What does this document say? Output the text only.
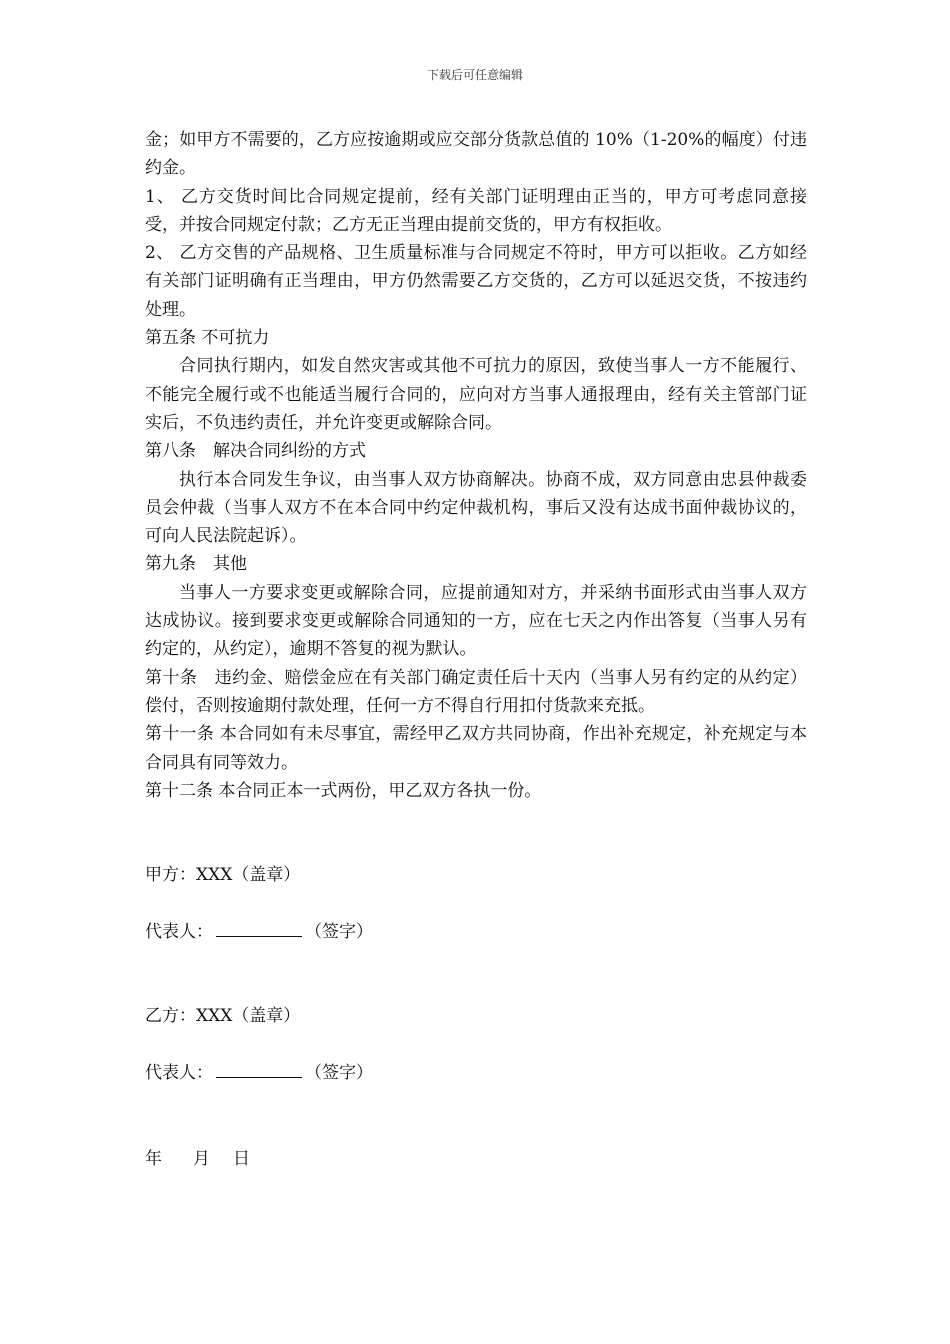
下载后可任意编辑

金；如甲方不需要的，乙方应按逾期或应交部分货款总值的 10%（1-20%的幅度）付违约金。

1、 乙方交货时间比合同规定提前，经有关部门证明理由正当的，甲方可考虑同意接受，并按合同规定付款；乙方无正当理由提前交货的，甲方有权拒收。

2、 乙方交售的产品规格、卫生质量标准与合同规定不符时，甲方可以拒收。乙方如经有关部门证明确有正当理由，甲方仍然需要乙方交货的，乙方可以延迟交货，不按违约处理。

第五条 不可抗力

合同执行期内，如发自然灾害或其他不可抗力的原因，致使当事人一方不能履行、不能完全履行或不也能适当履行合同的，应向对方当事人通报理由，经有关主管部门证实后，不负违约责任，并允许变更或解除合同。

第八条　解决合同纠纷的方式

执行本合同发生争议，由当事人双方协商解决。协商不成，双方同意由忠县仲裁委员会仲裁（当事人双方不在本合同中约定仲裁机构，事后又没有达成书面仲裁协议的，可向人民法院起诉）。

第九条　其他

当事人一方要求变更或解除合同，应提前通知对方，并采纳书面形式由当事人双方达成协议。接到要求变更或解除合同通知的一方，应在七天之内作出答复（当事人另有约定的，从约定），逾期不答复的视为默认。

第十条　违约金、赔偿金应在有关部门确定责任后十天内（当事人另有约定的从约定）偿付，否则按逾期付款处理，任何一方不得自行用扣付货款来充抵。

第十一条 本合同如有未尽事宜，需经甲乙双方共同协商，作出补充规定，补充规定与本合同具有同等效力。

第十二条 本合同正本一式两份，甲乙双方各执一份。

甲方：XXX（盖章）

代表人：	（签字）

乙方：XXX（盖章）

代表人：	（签字）

年 月 日
